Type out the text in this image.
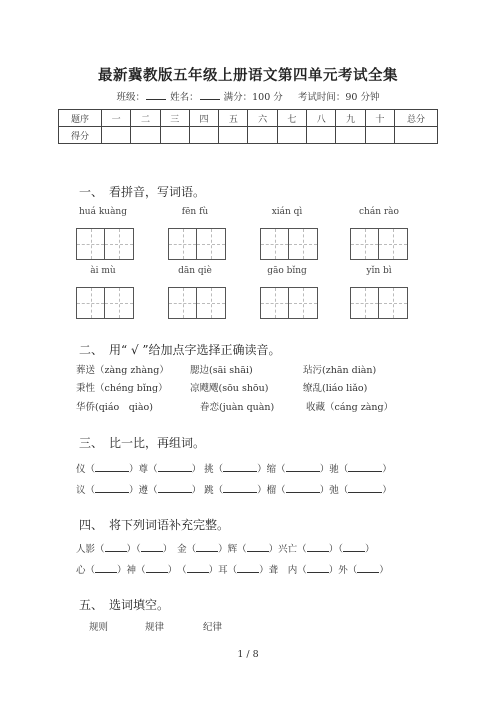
最新冀教版五年级上册语文第四单元考试全集
班级：	姓名：	满分：100 分 考试时间：90 分钟
题序	一	二	三	四	五	六	七	八	九	十	总分
得分											
一、　看拼音，写词语。
huá kuàng	fēn fù	xián qì	chán rào
ài mù	dān qiè	gāo bǐng	yǐn bì
二、　用“ √ ”给加点字选择正确读音。
葬送（zàng zhàng） 腮边(sāi shāi)	玷污(zhān diàn)
秉性（chéng bǐng） 凉飕飕(sōu shōu)	缭乱(liáo liǎo)
华侨(qiáo　qiào)	眷恋(juàn quàn)	收藏（cáng zàng）
三、　比一比，再组词。
仪（	）尊（	） 挑（	）缩（	）驰（	）
议（	）遵（	） 跳（	）榴（	）弛（	）
四、　将下列词语补充完整。
人影（ ）（ ）　金（ ）辉（ ）兴亡（ ）（ ）
心（ ）神（ ）　（ ）耳（ ）聋　 内（ ）外（ ）
五、　选词填空。
规则	规律	纪律
1 / 8
